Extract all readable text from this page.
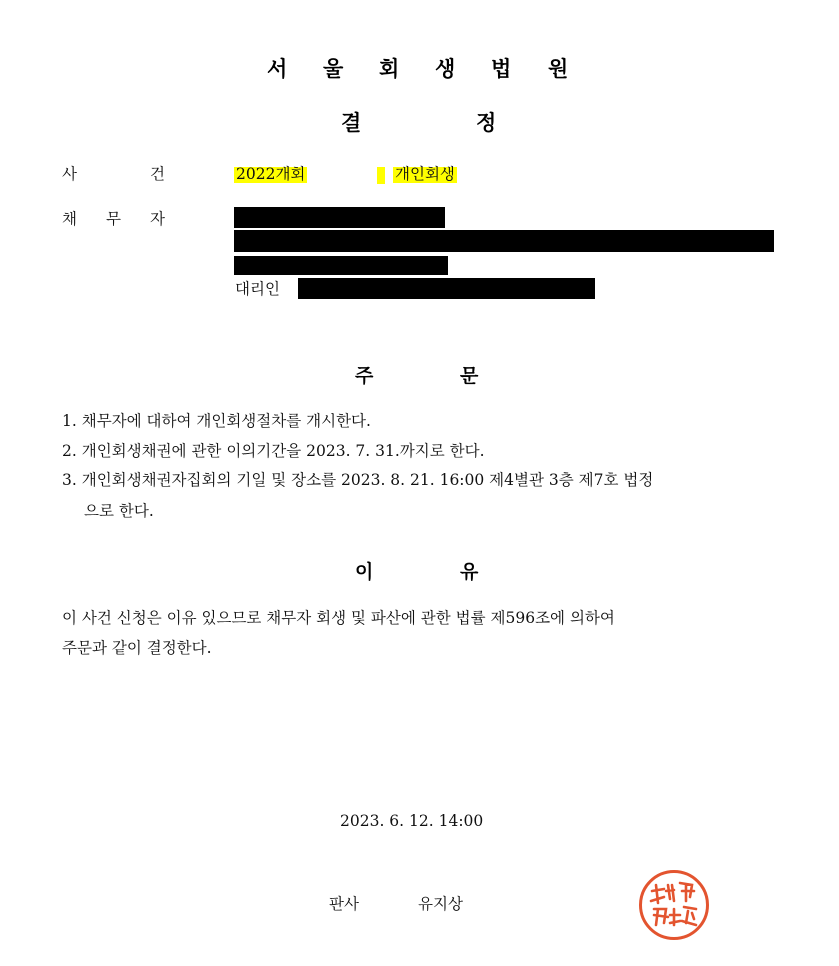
서 울 회 생 법 원
결	정
사	건	2022개회	개인회생
채 무 자
대리인
주	문
1. 채무자에 대하여 개인회생절차를 개시한다.
2. 개인회생채권에 관한 이의기간을 2023. 7. 31.까지로 한다.
3. 개인회생채권자집회의 기일 및 장소를 2023. 8. 21. 16:00 제4별관 3층 제7호 법정
으로 한다.
이	유
이 사건 신청은 이유 있으므로 채무자 회생 및 파산에 관한 법률 제596조에 의하여
주문과 같이 결정한다.
2023. 6. 12. 14:00
판사	유지상
